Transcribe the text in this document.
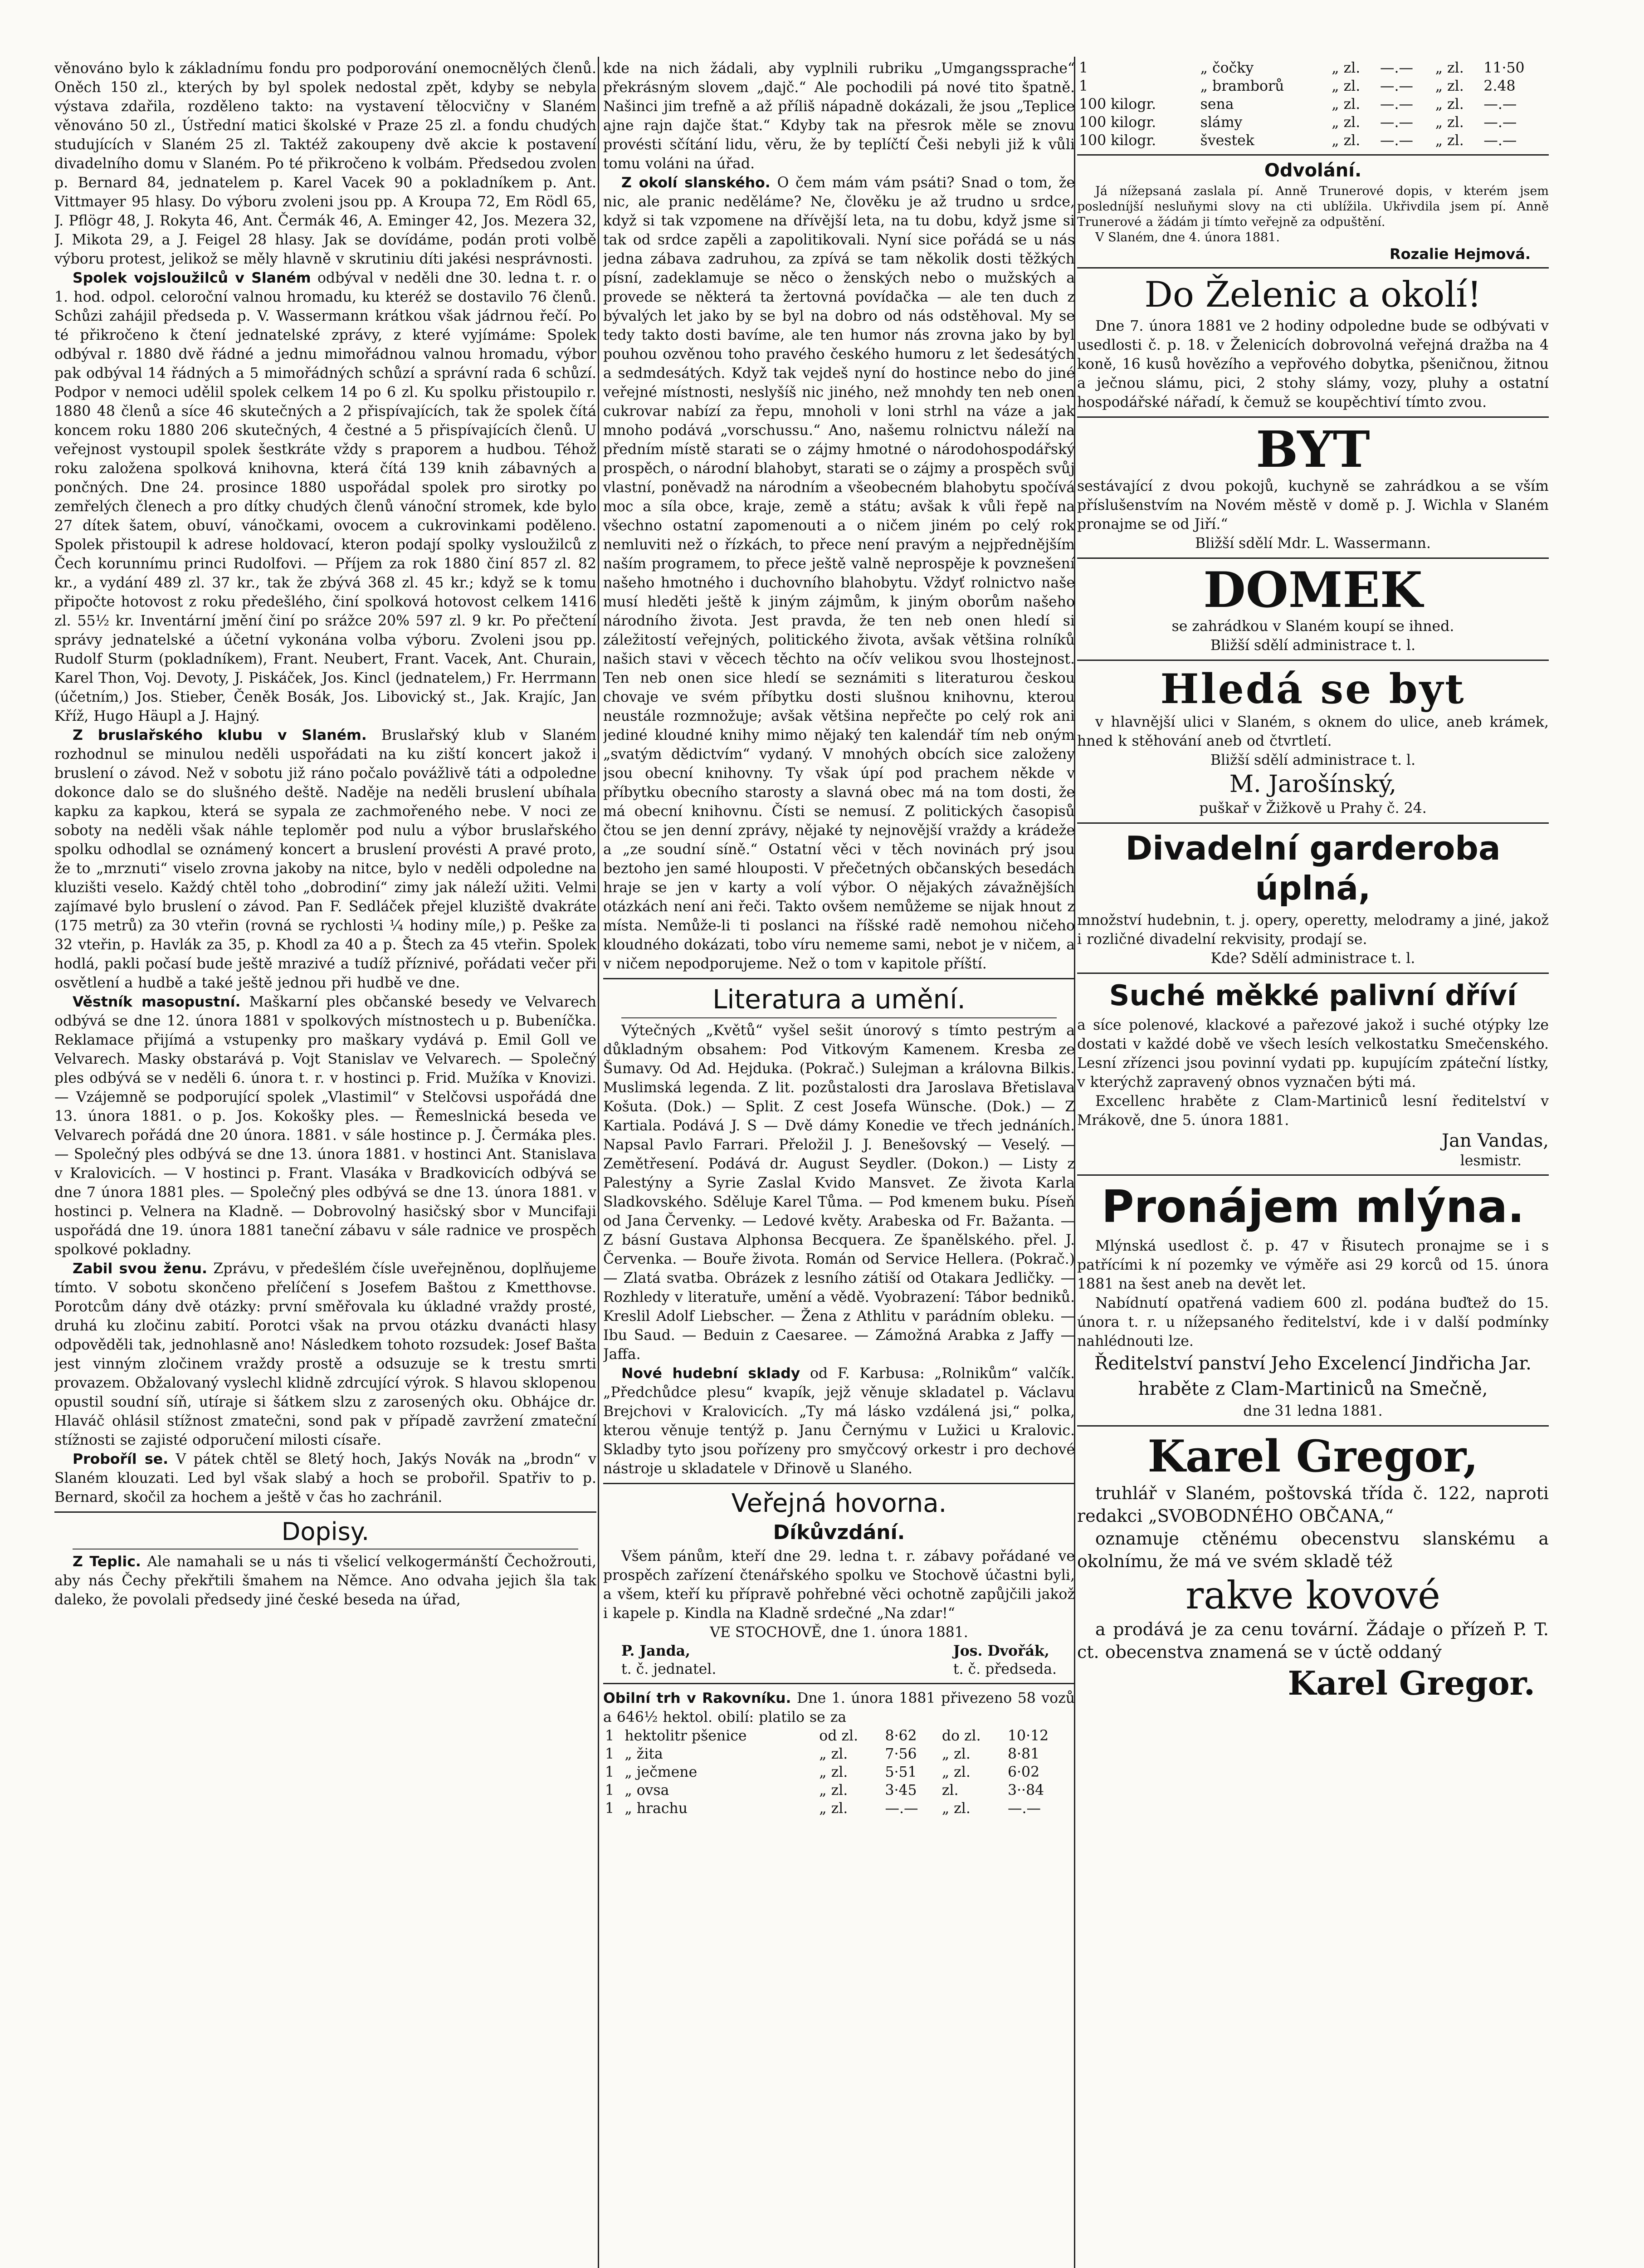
věnováno bylo k základnímu fondu pro podporování onemocnělých členů. Oněch 150 zl., kterých by byl spolek nedostal zpět, kdyby se nebyla výstava zdařila, rozděleno takto: na vystavení tělocvičny v Slaném věnováno 50 zl., Ústřední matici školské v Praze 25 zl. a fondu chudých studujících v Slaném 25 zl. Taktéž zakoupeny dvě akcie k postavení divadelního domu v Slaném. Po té přikročeno k volbám. Předsedou zvolen p. Bernard 84, jednatelem p. Karel Vacek 90 a pokladníkem p. Ant. Vittmayer 95 hlasy. Do výboru zvoleni jsou pp. A Kroupa 72, Em Rödl 65, J. Pflögr 48, J. Rokyta 46, Ant. Čermák 46, A. Eminger 42, Jos. Mezera 32, J. Mikota 29, a J. Feigel 28 hlasy. Jak se dovídáme, podán proti volbě výboru protest, jelikož se měly hlavně v skrutiniu díti jakési nesprávnosti.

Spolek vojsloužilců v Slaném odbýval v neděli dne 30. ledna t. r. o 1. hod. odpol. celoroční valnou hromadu, ku kteréž se dostavilo 76 členů. Schůzi zahájil předseda p. V. Wassermann krátkou však jádrnou řečí. Po té přikročeno k čtení jednatelské zprávy, z které vyjímáme: Spolek odbýval r. 1880 dvě řádné a jednu mimořádnou valnou hromadu, výbor pak odbýval 14 řádných a 5 mimořádných schůzí a správní rada 6 schůzí. Podpor v nemoci udělil spolek celkem 14 po 6 zl. Ku spolku přistoupilo r. 1880 48 členů a síce 46 skutečných a 2 přispívajících, tak že spolek čítá koncem roku 1880 206 skutečných, 4 čestné a 5 přispívajících členů. U veřejnost vystoupil spolek šestkráte vždy s praporem a hudbou. Téhož roku založena spolková knihovna, která čítá 139 knih zábavných a pončných. Dne 24. prosince 1880 uspořádal spolek pro sirotky po zemřelých členech a pro dítky chudých členů vánoční stromek, kde bylo 27 dítek šatem, obuví, vánočkami, ovocem a cukrovinkami poděleno. Spolek přistoupil k adrese holdovací, kteron podají spolky vysloužilců z Čech korunnímu princi Rudolfovi. — Příjem za rok 1880 činí 857 zl. 82 kr., a vydání 489 zl. 37 kr., tak že zbývá 368 zl. 45 kr.; když se k tomu připočte hotovost z roku předešlého, činí spolková hotovost celkem 1416 zl. 55½ kr. Inventární jmění činí po srážce 20% 597 zl. 9 kr. Po přečtení správy jednatelské a účetní vykonána volba výboru. Zvoleni jsou pp. Rudolf Sturm (pokladníkem), Frant. Neubert, Frant. Vacek, Ant. Churain, Karel Thon, Voj. Devoty, J. Piskáček, Jos. Kincl (jednatelem,) Fr. Herrmann (účetním,) Jos. Stieber, Čeněk Bosák, Jos. Libovický st., Jak. Krajíc, Jan Kříž, Hugo Häupl a J. Hajný.

Z bruslařského klubu v Slaném. Bruslařský klub v Slaném rozhodnul se minulou neděli uspořádati na ku ziští koncert jakož i bruslení o závod. Než v sobotu již ráno počalo povážlivě táti a odpoledne dokonce dalo se do slušného deště. Naděje na neděli bruslení ubíhala kapku za kapkou, která se sypala ze zachmořeného nebe. V noci ze soboty na neděli však náhle teploměr pod nulu a výbor bruslařského spolku odhodlal se oznámený koncert a bruslení provésti A pravé proto, že to „mrznuti“ viselo zrovna jakoby na nitce, bylo v neděli odpoledne na kluzišti veselo. Každý chtěl toho „dobrodiní“ zimy jak náleží užiti. Velmi zajímavé bylo bruslení o závod. Pan F. Sedláček přejel kluziště dvakráte (175 metrů) za 30 vteřin (rovná se rychlosti ¼ hodiny míle,) p. Peške za 32 vteřin, p. Havlák za 35, p. Khodl za 40 a p. Štech za 45 vteřin. Spolek hodlá, pakli počasí bude ještě mrazivé a tudíž příznivé, pořádati večer při osvětlení a hudbě a také ještě jednou při hudbě ve dne.

Věstník masopustní. Maškarní ples občanské besedy ve Velvarech odbývá se dne 12. února 1881 v spolkových místnostech u p. Bubeníčka. Reklamace přijímá a vstupenky pro maškary vydává p. Emil Goll ve Velvarech. Masky obstarává p. Vojt Stanislav ve Velvarech. — Společný ples odbývá se v neděli 6. února t. r. v hostinci p. Frid. Mužíka v Knovizi. — Vzájemně se podporující spolek „Vlastimil“ v Stelčovsi uspořádá dne 13. února 1881. o p. Jos. Kokošky ples. — Řemeslnická beseda ve Velvarech pořádá dne 20 února. 1881. v sále hostince p. J. Čermáka ples. — Společný ples odbývá se dne 13. února 1881. v hostinci Ant. Stanislava v Kralovicích. — V hostinci p. Frant. Vlasáka v Bradkovicích odbývá se dne 7 února 1881 ples. — Společný ples odbývá se dne 13. února 1881. v hostinci p. Velnera na Kladně. — Dobrovolný hasičský sbor v Muncifaji uspořádá dne 19. února 1881 taneční zábavu v sále radnice ve prospěch spolkové pokladny.

Zabil svou ženu. Zprávu, v předešlém čísle uveřejněnou, doplňujeme tímto. V sobotu skončeno přelíčení s Josefem Baštou z Kmetthovse. Porotcům dány dvě otázky: první směřovala ku úkladné vraždy prosté, druhá ku zločinu zabití. Porotci však na prvou otázku dvanácti hlasy odpověděli tak, jednohlasně ano! Následkem tohoto rozsudek: Josef Bašta jest vinným zločinem vraždy prostě a odsuzuje se k trestu smrti provazem. Obžalovaný vyslechl klidně zdrcující výrok. S hlavou sklopenou opustil soudní síň, utíraje si šátkem slzu z zarosených oku. Obhájce dr. Hlaváč ohlásil stížnost zmatečni, sond pak v případě zavržení zmateční stížnosti se zajisté odporučení milosti císaře.

Proboříl se. V pátek chtěl se 8letý hoch, Jakýs Novák na „brodn“ v Slaném klouzati. Led byl však slabý a hoch se probořil. Spatřiv to p. Bernard, skočil za hochem a ještě v čas ho zachránil.

Dopisy.

Z Teplic. Ale namahali se u nás ti všelicí velkogermánští Čechožrouti, aby nás Čechy překřtili šmahem na Němce. Ano odvaha jejich šla tak daleko, že povolali předsedy jiné české beseda na úřad,

kde na nich žádali, aby vyplnili rubriku „Umgangssprache“ překrásným slovem „dajč.“ Ale pochodili pá nové tito špatně. Našinci jim trefně a až příliš nápadně dokázali, že jsou „Teplice ajne rajn dajče štat.“ Kdyby tak na přesrok měle se znovu provésti sčítání lidu, věru, že by teplíčtí Češi nebyli již k vůli tomu voláni na úřad.

Z okolí slanského. O čem mám vám psáti? Snad o tom, že nic, ale pranic neděláme? Ne, člověku je až trudno u srdce, když si tak vzpomene na dřívější leta, na tu dobu, když jsme si tak od srdce zapěli a zapolitikovali. Nyní sice pořádá se u nás jedna zábava zadruhou, za zpívá se tam několik dosti těžkých písní, zadeklamuje se něco o ženských nebo o mužských a provede se některá ta žertovná povídačka — ale ten duch z bývalých let jako by se byl na dobro od nás odstěhoval. My se tedy takto dosti bavíme, ale ten humor nás zrovna jako by byl pouhou ozvěnou toho pravého českého humoru z let šedesátých a sedmdesátých. Když tak vejdeš nyní do hostince nebo do jiné veřejné místnosti, neslyšíš nic jiného, než mnohdy ten neb onen cukrovar nabízí za řepu, mnoholi v loni strhl na váze a jak mnoho podává „vorschussu.“ Ano, našemu rolnictvu náleží na předním místě starati se o zájmy hmotné o národohospodářský prospěch, o národní blahobyt, starati se o zájmy a prospěch svůj vlastní, poněvadž na národním a všeobecném blahobytu spočívá moc a síla obce, kraje, země a státu; avšak k vůli řepě na všechno ostatní zapomenouti a o ničem jiném po celý rok nemluviti než o řízkách, to přece není pravým a nejpřednějším naším programem, to přece ještě valně neprospěje k povznešení našeho hmotného i duchovního blahobytu. Vždyť rolnictvo naše musí hleděti ještě k jiným zájmům, k jiným oborům našeho národního života. Jest pravda, že ten neb onen hledí si záležitostí veřejných, politického života, avšak většina rolníků našich stavi v věcech těchto na očív velikou svou lhostejnost. Ten neb onen sice hledí se seznámiti s literaturou českou chovaje ve svém příbytku dosti slušnou knihovnu, kterou neustále rozmnožuje; avšak většina nepřečte po celý rok ani jediné kloudné knihy mimo nějaký ten kalendář tím neb oným „svatým dědictvím“ vydaný. V mnohých obcích sice založeny jsou obecní knihovny. Ty však úpí pod prachem někde v příbytku obecního starosty a slavná obec má na tom dosti, že má obecní knihovnu. Čísti se nemusí. Z politických časopisů čtou se jen denní zprávy, nějaké ty nejnovější vraždy a krádeže a „ze soudní síně.“ Ostatní věci v těch novinách prý jsou beztoho jen samé hlouposti. V přečetných občanských besedách hraje se jen v karty a volí výbor. O nějakých závažnějších otázkách není ani řeči. Takto ovšem nemůžeme se nijak hnout z místa. Nemůže-li ti poslanci na říšské radě nemohou ničeho kloudného dokázati, tobo víru nememe sami, nebot je v ničem, a v ničem nepodporujeme. Než o tom v kapitole příští.

Literatura a umění.

Výtečných „Květů“ vyšel sešit únorový s tímto pestrým a důkladným obsahem: Pod Vitkovým Kamenem. Kresba ze Šumavy. Od Ad. Hejduka. (Pokrač.) Sulejman a královna Bilkis. Muslimská legenda. Z lit. pozůstalosti dra Jaroslava Břetislava Košuta. (Dok.) — Split. Z cest Josefa Wünsche. (Dok.) — Z Kartiala. Podává J. S — Dvě dámy Konedie ve třech jednáních. Napsal Pavlo Farrari. Přeložil J. J. Benešovský — Veselý. — Zemětřesení. Podává dr. August Seydler. (Dokon.) — Listy z Palestýny a Syrie Zaslal Kvido Mansvet. Ze života Karla Sladkovského. Sděluje Karel Tůma. — Pod kmenem buku. Píseň od Jana Červenky. — Ledové květy. Arabeska od Fr. Bažanta. — Z básní Gustava Alphonsa Becquera. Ze španělského. přel. J. Červenka. — Bouře života. Román od Service Hellera. (Pokrač.) — Zlatá svatba. Obrázek z lesního zátiší od Otakara Jedličky. — Rozhledy v literatuře, umění a vědě. Vyobrazení: Tábor bedniků. Kreslil Adolf Liebscher. — Žena z Athlitu v parádním obleku. — Ibu Saud. — Beduin z Caesaree. — Zámožná Arabka z Jaffy — Jaffa.

Nové hudební sklady od F. Karbusa: „Rolnikům“ valčík. „Předchůdce plesu“ kvapík, jejž věnuje skladatel p. Václavu Brejchovi v Kralovicích. „Ty má lásko vzdálená jsi,“ polka, kterou věnuje tentýž p. Janu Černýmu v Lužici u Kralovic. Skladby tyto jsou pořízeny pro smyčcový orkestr i pro dechové nástroje u skladatele v Dřinově u Slaného.

Veřejná hovorna.
Díkůvzdání.

Všem pánům, kteří dne 29. ledna t. r. zábavy pořádané ve prospěch zařízení čtenářského spolku ve Stochově účastni byli, a všem, kteří ku přípravě pohřebné věci ochotně zapůjčili jakož i kapele p. Kindla na Kladně srdečné „Na zdar!“

VE STOCHOVĚ, dne 1. února 1881.
P. Janda,
t. č. jednatel.
Jos. Dvořák,
t. č. předseda.

Obilní trh v Rakovníku. Dne 1. února 1881 přivezeno 58 vozů a 646½ hektol. obilí: platilo se za

1	hektolitr pšenice	od zl.	8·62	do zl.	10·12
1	„ žita	„ zl.	7·56	„ zl.	8·81
1	„ ječmene	„ zl.	5·51	„ zl.	6·02
1	„ ovsa	„ zl.	3·45	zl.	3··84
1	„ hrachu	„ zl.	—.—	„ zl.	—.—
1	„ čočky	„ zl.	—.—	„ zl.	11·50
1	„ bramborů	„ zl.	—.—	„ zl.	2.48
100 kilogr.	sena	„ zl.	—.—	„ zl.	—.—
100 kilogr.	slámy	„ zl.	—.—	„ zl.	—.—
100 kilogr.	švestek	„ zl.	—.—	„ zl.	—.—
Odvolání.

Já nížepsaná zaslala pí. Anně Trunerové dopis, v kterém jsem posledníjší nesluňymi slovy na cti ublížila. Ukřivdila jsem pí. Anně Trunerové a žádám ji tímto veřejně za odpuštění.

V Slaném, dne 4. února 1881.
Rozalie Hejmová.
Do Želenic a okolí!

Dne 7. února 1881 ve 2 hodiny odpoledne bude se odbývati v usedlosti č. p. 18. v Želenicích dobrovolná veřejná dražba na 4 koně, 16 kusů hovězího a vepřového dobytka, pšeničnou, žitnou a ječnou slámu, pici, 2 stohy slámy, vozy, pluhy a ostatní hospodářské nářadí, k čemuž se koupěchtiví tímto zvou.

BYT

sestávající z dvou pokojů, kuchyně se zahrádkou a se vším příslušenstvím na Novém městě v domě p. J. Wichla v Slaném pronajme se od Jiří.“

Bližší sdělí Mdr. L. Wassermann.
DOMEK
se zahrádkou v Slaném koupí se ihned.
Bližší sdělí administrace t. l.
Hledá se byt

v hlavnější ulici v Slaném, s oknem do ulice, aneb krámek, hned k stěhování aneb od čtvrtletí.

Bližší sdělí administrace t. l.
M. Jarošínský,
puškař v Žižkově u Prahy č. 24.
Divadelní garderoba úplná,

množství hudebnin, t. j. opery, operetty, melodramy a jiné, jakož i rozličné divadelní rekvisity, prodají se.

Kde? Sdělí administrace t. l.
Suché měkké palivní dříví

a síce polenové, klackové a pařezové jakož i suché otýpky lze dostati v každé době ve všech lesích velkostatku Smečenského. Lesní zřízenci jsou povinní vydati pp. kupujícím zpáteční lístky, v kterýchž zapravený obnos vyznačen býti má.

Excellenc hraběte z Clam-Martiniců lesní ředitelství v Mrákově, dne 5. února 1881.

Jan Vandas,
lesmistr.
Pronájem mlýna.

Mlýnská usedlost č. p. 47 v Řisutech pronajme se i s patřícími k ní pozemky ve výměře asi 29 korců od 15. února 1881 na šest aneb na devět let.

Nabídnutí opatřená vadiem 600 zl. podána buďtež do 15. února t. r. u nížepsaného ředitelství, kde i v další podmínky nahlédnouti lze.

Ředitelství panství Jeho Excelencí Jindřicha Jar. hraběte z Clam-Martiniců na Smečně,
dne 31 ledna 1881.
Karel Gregor,

truhlář v Slaném, poštovská třída č. 122, naproti redakci „SVOBODNÉHO OBČANA,“

oznamuje ctěnému obecenstvu slanskému a okolnímu, že má ve svém skladě též

rakve kovové

a prodává je za cenu tovární. Žádaje o přízeň P. T. ct. obecenstva znamená se v úctě oddaný

Karel Gregor.
